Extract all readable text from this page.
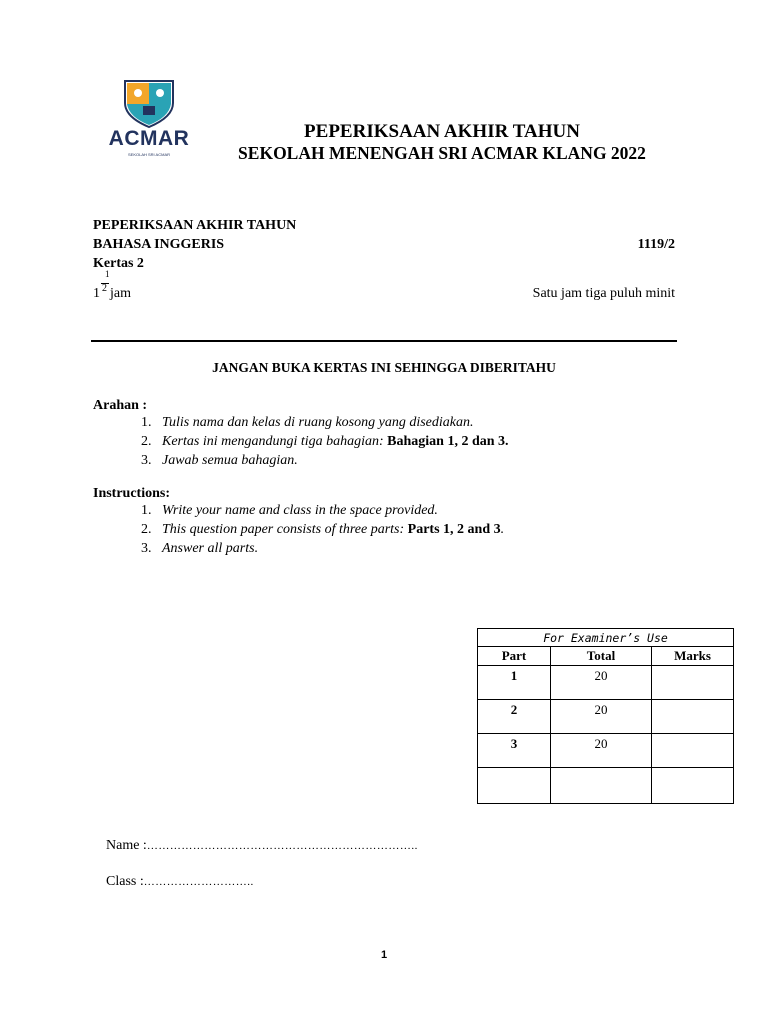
ACMAR
SEKOLAH SRI ACMAR
PEPERIKSAAN AKHIR TAHUN
SEKOLAH MENENGAH SRI ACMAR KLANG 2022
PEPERIKSAAN AKHIR TAHUN
BAHASA INGGERIS	1119/2
Kertas 2
1
1
2 jam	Satu jam tiga puluh minit
JANGAN BUKA KERTAS INI SEHINGGA DIBERITAHU
Arahan :
1. Tulis nama dan kelas di ruang kosong yang disediakan.
2. Kertas ini mengandungi tiga bahagian: Bahagian 1, 2 dan 3.
3. Jawab semua bahagian.
Instructions:
1. Write your name and class in the space provided.
2. This question paper consists of three parts: Parts 1, 2 and 3.
3. Answer all parts.
For Examiner’s Use		
Part	Total	Marks
1	20	
2	20	
3	20	

Name :……………………………………………………………..
Class :………………………..
1
